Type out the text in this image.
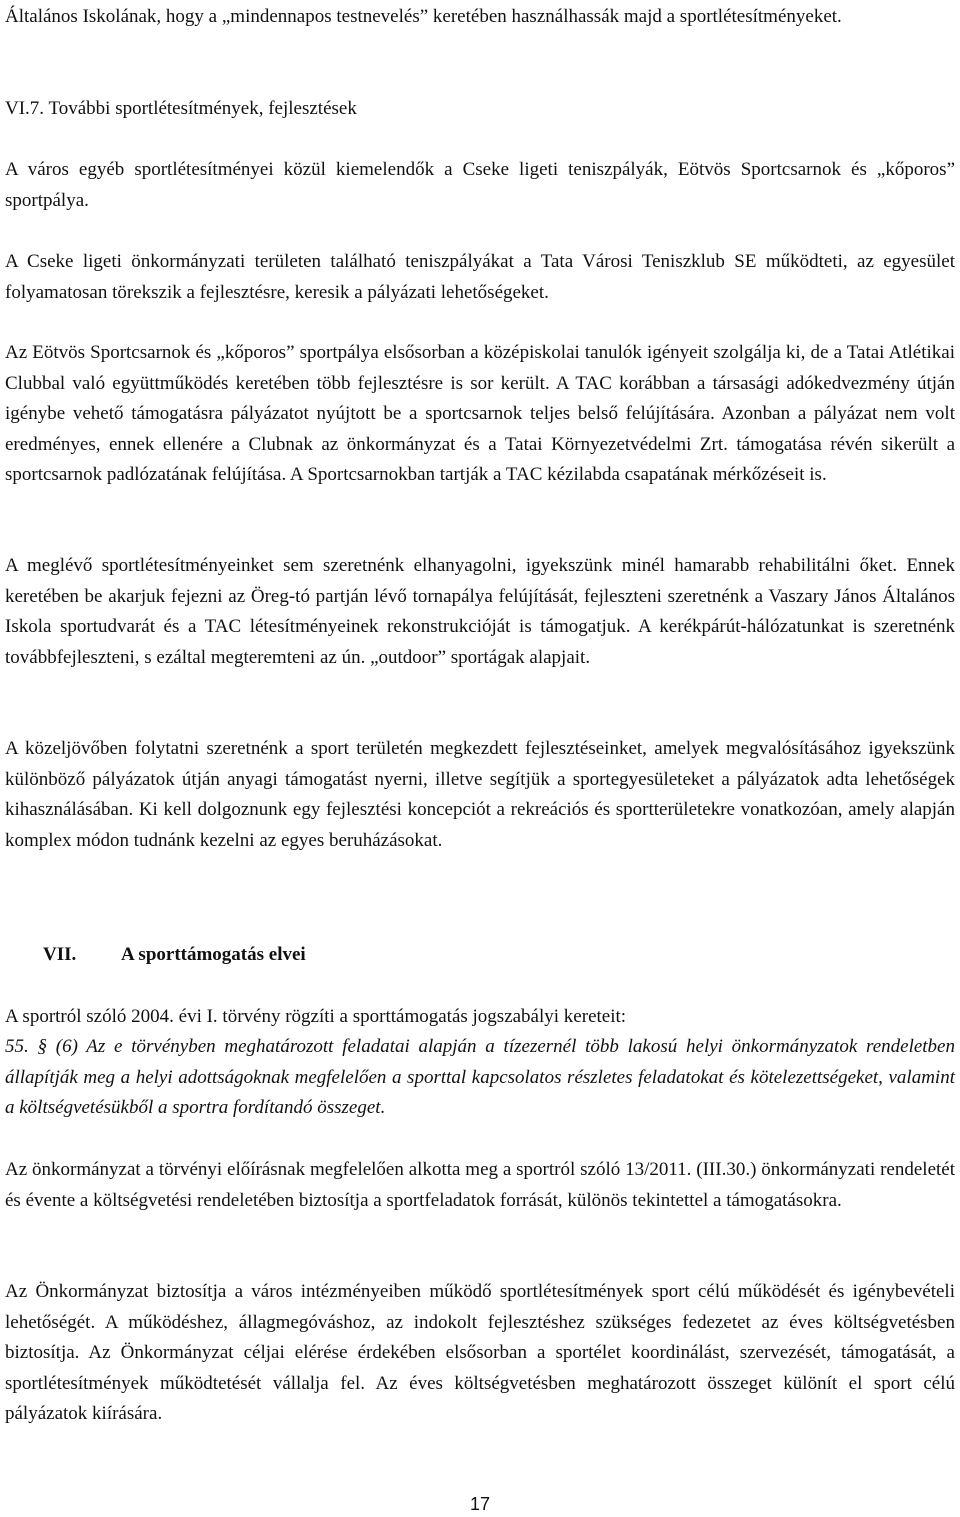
Általános Iskolának, hogy a „mindennapos testnevelés” keretében használhassák majd a sportlétesítményeket.

VI.7. További sportlétesítmények, fejlesztések

A város egyéb sportlétesítményei közül kiemelendők a Cseke ligeti teniszpályák, Eötvös Sportcsarnok és „kőporos” sportpálya.

A Cseke ligeti önkormányzati területen található teniszpályákat a Tata Városi Teniszklub SE működteti, az egyesület folyamatosan törekszik a fejlesztésre, keresik a pályázati lehetőségeket.

Az Eötvös Sportcsarnok és „kőporos” sportpálya elsősorban a középiskolai tanulók igényeit szolgálja ki, de a Tatai Atlétikai Clubbal való együttműködés keretében több fejlesztésre is sor került. A TAC korábban a társasági adókedvezmény útján igénybe vehető támogatásra pályázatot nyújtott be a sportcsarnok teljes belső felújítására. Azonban a pályázat nem volt eredményes, ennek ellenére a Clubnak az önkormányzat és a Tatai Környezetvédelmi Zrt. támogatása révén sikerült a sportcsarnok padlózatának felújítása. A Sportcsarnokban tartják a TAC kézilabda csapatának mérkőzéseit is.

A meglévő sportlétesítményeinket sem szeretnénk elhanyagolni, igyekszünk minél hamarabb rehabilitálni őket. Ennek keretében be akarjuk fejezni az Öreg-tó partján lévő tornapálya felújítását, fejleszteni szeretnénk a Vaszary János Általános Iskola sportudvarát és a TAC létesítményeinek rekonstrukcióját is támogatjuk. A kerékpárút-hálózatunkat is szeretnénk továbbfejleszteni, s ezáltal megteremteni az ún. „outdoor” sportágak alapjait.

A közeljövőben folytatni szeretnénk a sport területén megkezdett fejlesztéseinket, amelyek megvalósításához igyekszünk különböző pályázatok útján anyagi támogatást nyerni, illetve segítjük a sportegyesületeket a pályázatok adta lehetőségek kihasználásában. Ki kell dolgoznunk egy fejlesztési koncepciót a rekreációs és sportterületekre vonatkozóan, amely alapján komplex módon tudnánk kezelni az egyes beruházásokat.

VII. A sporttámogatás elvei

A sportról szóló 2004. évi I. törvény rögzíti a sporttámogatás jogszabályi kereteit:

55. § (6) Az e törvényben meghatározott feladatai alapján a tízezernél több lakosú helyi önkormányzatok rendeletben állapítják meg a helyi adottságoknak megfelelően a sporttal kapcsolatos részletes feladatokat és kötelezettségeket, valamint a költségvetésükből a sportra fordítandó összeget.

Az önkormányzat a törvényi előírásnak megfelelően alkotta meg a sportról szóló 13/2011. (III.30.) önkormányzati rendeletét és évente a költségvetési rendeletében biztosítja a sportfeladatok forrását, különös tekintettel a támogatásokra.

Az Önkormányzat biztosítja a város intézményeiben működő sportlétesítmények sport célú működését és igénybevételi lehetőségét. A működéshez, állagmegóváshoz, az indokolt fejlesztéshez szükséges fedezetet az éves költségvetésben biztosítja. Az Önkormányzat céljai elérése érdekében elsősorban a sportélet koordinálást, szervezését, támogatását, a sportlétesítmények működtetését vállalja fel. Az éves költségvetésben meghatározott összeget különít el sport célú pályázatok kiírására.

17
